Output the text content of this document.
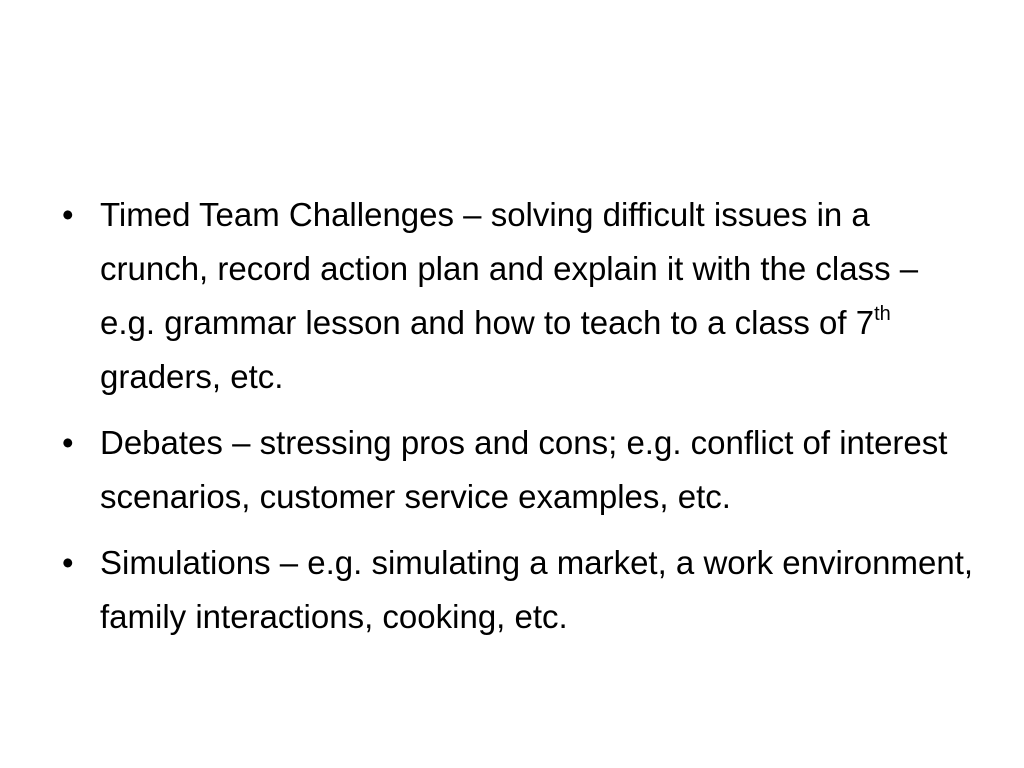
• Timed Team Challenges – solving difficult issues in a crunch, record action plan and explain it with the class – e.g. grammar lesson and how to teach to a class of 7th graders, etc.
• Debates – stressing pros and cons; e.g. conflict of interest scenarios, customer service examples, etc.
• Simulations – e.g. simulating a market, a work environment, family interactions, cooking, etc.
